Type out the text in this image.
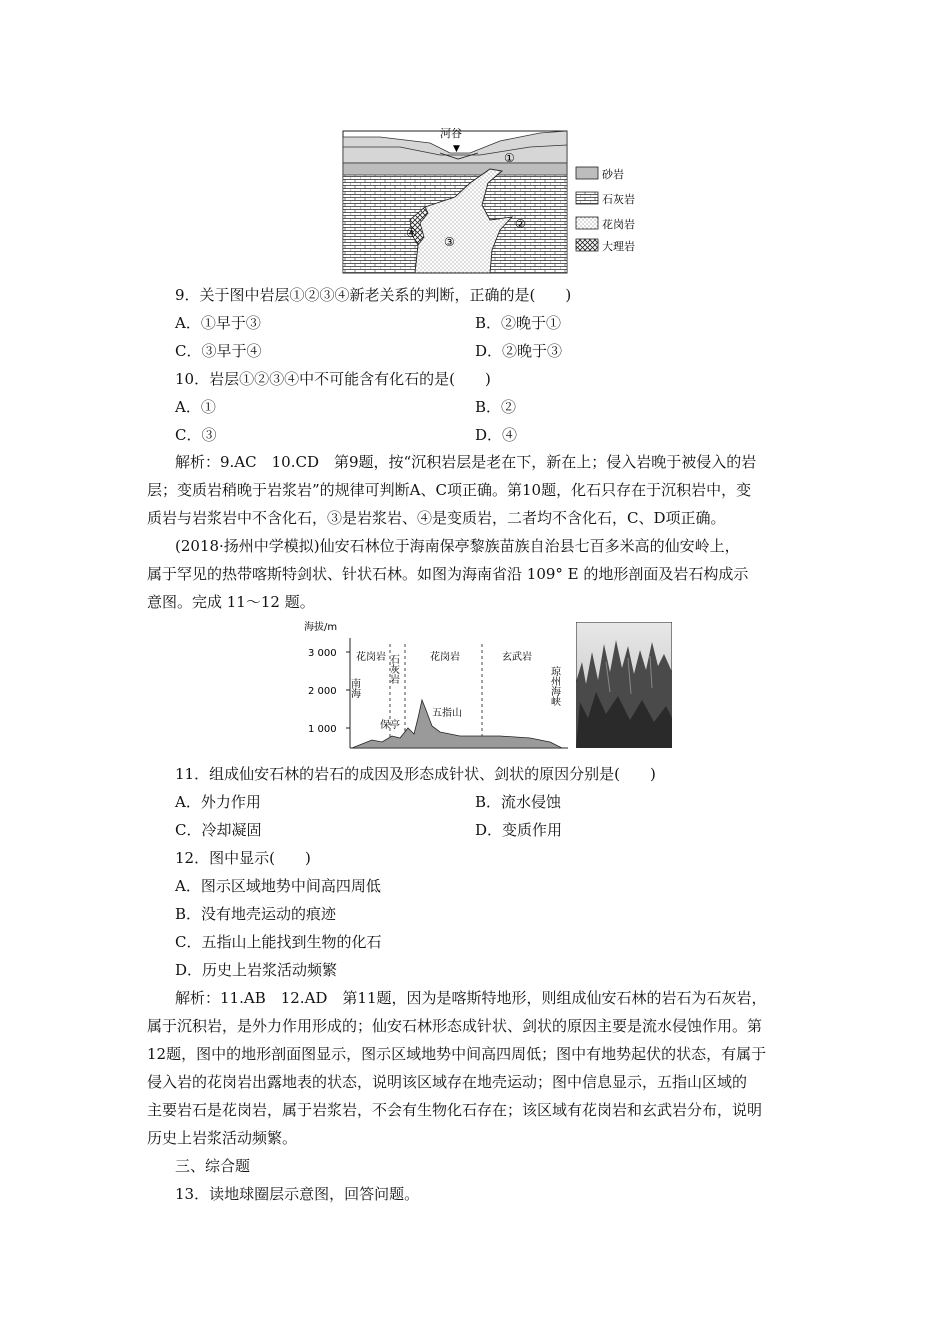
河谷
▼
①
②
③
④
砂岩
石灰岩
花岗岩
大理岩
9．关于图中岩层①②③④新老关系的判断，正确的是(　　)
A．①早于③	B．②晚于①
C．③早于④	D．②晚于③
10．岩层①②③④中不可能含有化石的是(　　)
A．①	B．②
C．③	D．④
解析：9.AC　10.CD　第9题，按“沉积岩层是老在下，新在上；侵入岩晚于被侵入的岩
层；变质岩稍晚于岩浆岩”的规律可判断A、C项正确。第10题，化石只存在于沉积岩中，变
质岩与岩浆岩中不含化石，③是岩浆岩、④是变质岩，二者均不含化石，C、D项正确。
(2018·扬州中学模拟)仙安石林位于海南保亭黎族苗族自治县七百多米高的仙安岭上，
属于罕见的热带喀斯特剑状、针状石林。如图为海南省沿 109° E 的地形剖面及岩石构成示
意图。完成 11～12 题。
海拔/m
3 000
2 000
1 000
花岗岩 石灰岩	花岗岩	玄武岩
南海	琼州海峡
保亭
五指山
11．组成仙安石林的岩石的成因及形态成针状、剑状的原因分别是(　　)
A．外力作用	B．流水侵蚀
C．冷却凝固	D．变质作用
12．图中显示(　　)
A．图示区域地势中间高四周低
B．没有地壳运动的痕迹
C．五指山上能找到生物的化石
D．历史上岩浆活动频繁
解析：11.AB　12.AD　第11题，因为是喀斯特地形，则组成仙安石林的岩石为石灰岩，
属于沉积岩，是外力作用形成的；仙安石林形态成针状、剑状的原因主要是流水侵蚀作用。第
12题，图中的地形剖面图显示，图示区域地势中间高四周低；图中有地势起伏的状态，有属于
侵入岩的花岗岩出露地表的状态，说明该区域存在地壳运动；图中信息显示，五指山区域的
主要岩石是花岗岩，属于岩浆岩，不会有生物化石存在；该区域有花岗岩和玄武岩分布，说明
历史上岩浆活动频繁。
三、综合题
13．读地球圈层示意图，回答问题。
